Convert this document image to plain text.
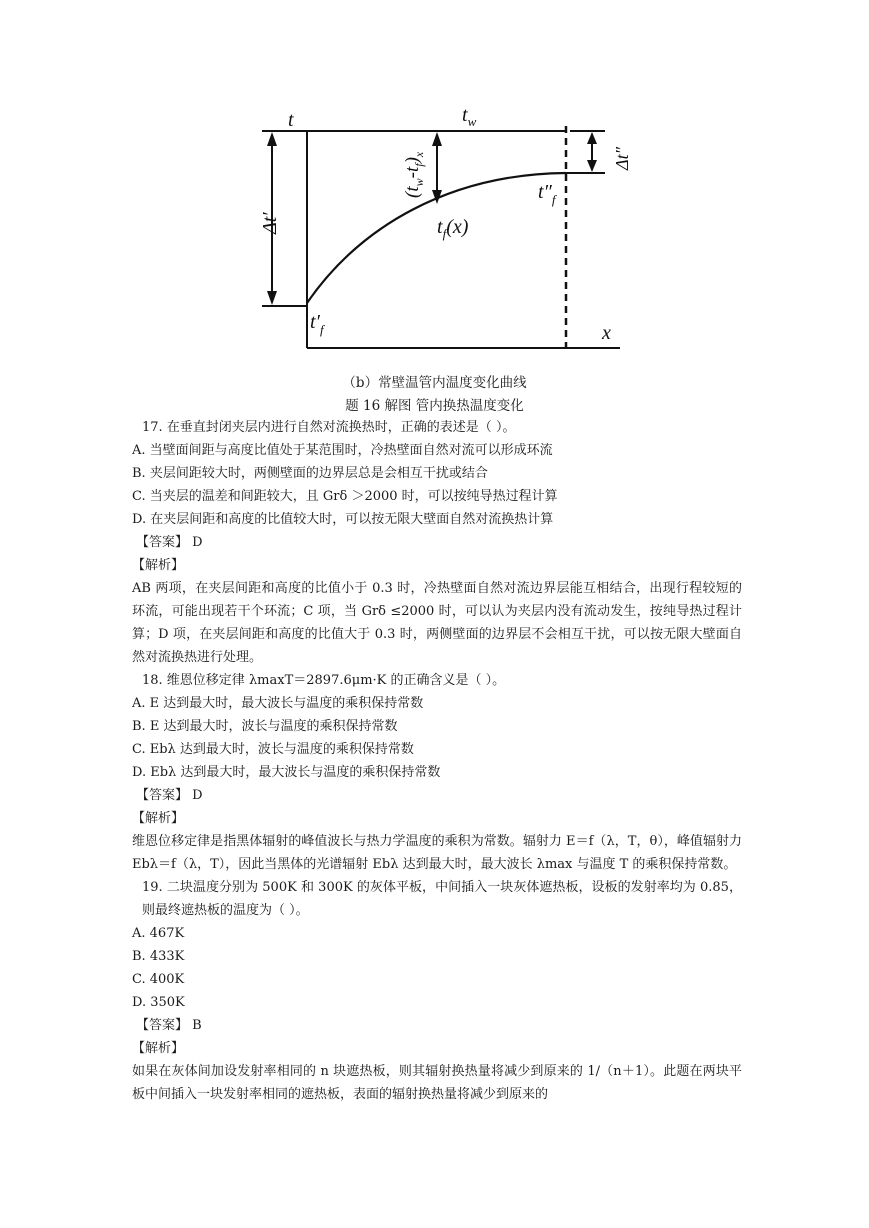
t
x
$t_w$
$t'_f$
$t''_f$
$t_f(x)$
Δt′
Δt″
$(t_w-t_f)_x$
（b）常壁温管内温度变化曲线
题 16 解图 管内换热温度变化
17. 在垂直封闭夹层内进行自然对流换热时，正确的表述是（ ）。
A. 当壁面间距与高度比值处于某范围时，冷热壁面自然对流可以形成环流
B. 夹层间距较大时，两侧壁面的边界层总是会相互干扰或结合
C. 当夹层的温差和间距较大，且 Grδ ＞2000 时，可以按纯导热过程计算
D. 在夹层间距和高度的比值较大时，可以按无限大壁面自然对流换热计算
【答案】 D
【解析】
AB 两项，在夹层间距和高度的比值小于 0.3 时，冷热壁面自然对流边界层能互相结合，出现行程较短的环流，可能出现若干个环流；C 项，当 Grδ ≤2000 时，可以认为夹层内没有流动发生，按纯导热过程计算；D 项，在夹层间距和高度的比值大于 0.3 时，两侧壁面的边界层不会相互干扰，可以按无限大壁面自然对流换热进行处理。
18. 维恩位移定律 λmaxT＝2897.6μm·K 的正确含义是（ ）。
A. E 达到最大时，最大波长与温度的乘积保持常数
B. E 达到最大时，波长与温度的乘积保持常数
C. Ebλ 达到最大时，波长与温度的乘积保持常数
D. Ebλ 达到最大时，最大波长与温度的乘积保持常数
【答案】 D
【解析】
维恩位移定律是指黑体辐射的峰值波长与热力学温度的乘积为常数。辐射力 E＝f（λ，T，θ），峰值辐射力 Ebλ＝f（λ，T），因此当黑体的光谱辐射 Ebλ 达到最大时，最大波长 λmax 与温度 T 的乘积保持常数。
19. 二块温度分别为 500K 和 300K 的灰体平板，中间插入一块灰体遮热板，设板的发射率均为 0.85，则最终遮热板的温度为（ ）。
A. 467K
B. 433K
C. 400K
D. 350K
【答案】 B
【解析】
如果在灰体间加设发射率相同的 n 块遮热板，则其辐射换热量将减少到原来的 1/（n＋1）。此题在两块平板中间插入一块发射率相同的遮热板，表面的辐射换热量将减少到原来的
